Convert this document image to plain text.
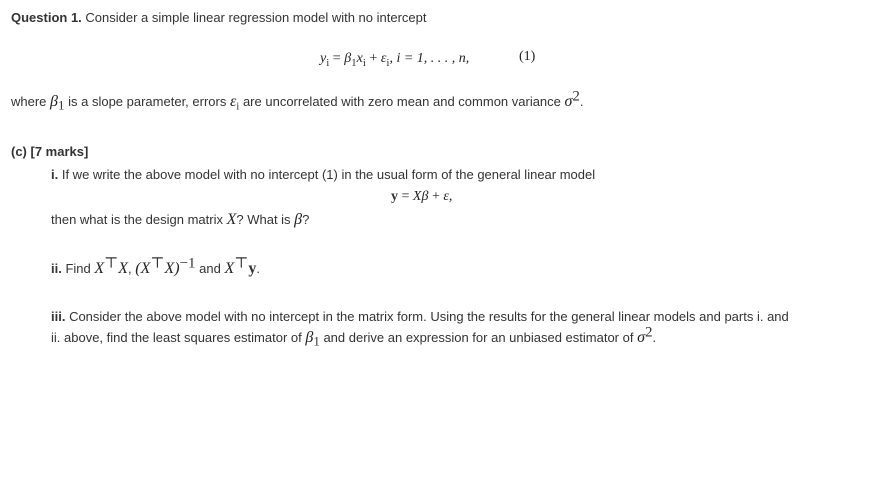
Question 1. Consider a simple linear regression model with no intercept
$y_i = \beta_1x_i + \varepsilon_i$, i = 1, . . . , n,	(1)
where $\beta_1$ is a slope parameter, errors $\varepsilon_i$ are uncorrelated with zero mean and common variance $\sigma^2$.
(c) [7 marks]
i. If we write the above model with no intercept (1) in the usual form of the general linear model
y = Xβ + ε,
then what is the design matrix X? What is β?
ii. Find X⊤X, $(X^⊤X)^{-1}$ and X⊤y.
iii. Consider the above model with no intercept in the matrix form. Using the results for the general linear models and parts i. and
ii. above, find the least squares estimator of $\beta_1$ and derive an expression for an unbiased estimator of $\sigma^2$.
